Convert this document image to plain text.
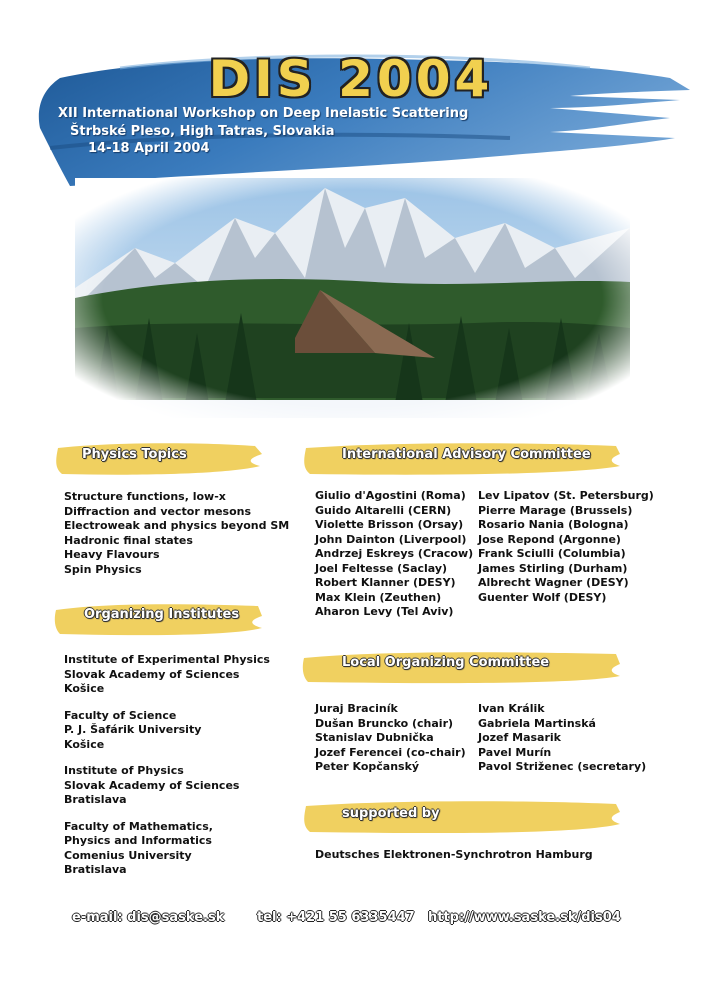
DIS 2004
XII International Workshop on Deep Inelastic Scattering
Štrbské Pleso, High Tatras, Slovakia
14-18 April 2004
Physics Topics
Structure functions, low-x
Diffraction and vector mesons
Electroweak and physics beyond SM
Hadronic final states
Heavy Flavours
Spin Physics
Organizing Institutes
Institute of Experimental Physics
Slovak Academy of Sciences
Košice
Faculty of Science
P. J. Šafárik University
Košice
Institute of Physics
Slovak Academy of Sciences
Bratislava
Faculty of Mathematics,
Physics and Informatics
Comenius University
Bratislava
International Advisory Committee
Giulio d'Agostini (Roma)
Guido Altarelli (CERN)
Violette Brisson (Orsay)
John Dainton (Liverpool)
Andrzej Eskreys (Cracow)
Joel Feltesse (Saclay)
Robert Klanner (DESY)
Max Klein (Zeuthen)
Aharon Levy (Tel Aviv)
Lev Lipatov (St. Petersburg)
Pierre Marage (Brussels)
Rosario Nania (Bologna)
Jose Repond (Argonne)
Frank Sciulli (Columbia)
James Stirling (Durham)
Albrecht Wagner (DESY)
Guenter Wolf (DESY)
Local Organizing Committee
Juraj Braciník
Dušan Bruncko (chair)
Stanislav Dubnička
Jozef Ferencei (co-chair)
Peter Kopčanský
Ivan Králik
Gabriela Martinská
Jozef Masarik
Pavel Murín
Pavol Striženec (secretary)
supported by
Deutsches Elektronen-Synchrotron Hamburg
e-mail: dis@saske.sk	tel: +421 55 6335447 http://www.saske.sk/dis04
